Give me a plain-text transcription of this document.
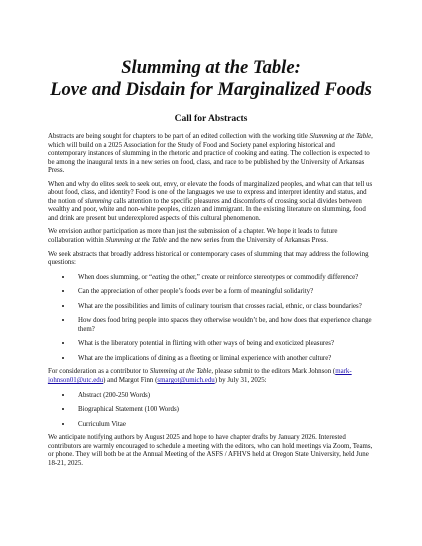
Slumming at the Table:
Love and Disdain for Marginalized Foods
Call for Abstracts

Abstracts are being sought for chapters to be part of an edited collection with the working title Slumming at the Table, which will build on a 2025 Association for the Study of Food and Society panel exploring historical and contemporary instances of slumming in the rhetoric and practice of cooking and eating. The collection is expected to be among the inaugural texts in a new series on food, class, and race to be published by the University of Arkansas Press.

When and why do elites seek to seek out, envy, or elevate the foods of marginalized peoples, and what can that tell us about food, class, and identity? Food is one of the languages we use to express and interpret identity and status, and the notion of slumming calls attention to the specific pleasures and discomforts of crossing social divides between wealthy and poor, white and non-white peoples, citizen and immigrant. In the existing literature on slumming, food and drink are present but underexplored aspects of this cultural phenomenon.

We envision author participation as more than just the submission of a chapter. We hope it leads to future collaboration within Slumming at the Table and the new series from the University of Arkansas Press.

We seek abstracts that broadly address historical or contemporary cases of slumming that may address the following questions:

• When does slumming, or “eating the other,” create or reinforce stereotypes or commodify difference?
• Can the appreciation of other people’s foods ever be a form of meaningful solidarity?
• What are the possibilities and limits of culinary tourism that crosses racial, ethnic, or class boundaries?
• How does food bring people into spaces they otherwise wouldn’t be, and how does that experience change them?
• What is the liberatory potential in flirting with other ways of being and exoticized pleasures?
• What are the implications of dining as a fleeting or liminal experience with another culture?

For consideration as a contributor to Slumming at the Table, please submit to the editors Mark Johnson (mark-johnson01@utc.edu) and Margot Finn (smargot@umich.edu) by July 31, 2025:

• Abstract (200-250 Words)
• Biographical Statement (100 Words)
• Curriculum Vitae

We anticipate notifying authors by August 2025 and hope to have chapter drafts by January 2026. Interested contributors are warmly encouraged to schedule a meeting with the editors, who can hold meetings via Zoom, Teams, or phone. They will both be at the Annual Meeting of the ASFS / AFHVS held at Oregon State University, held June 18-21, 2025.
